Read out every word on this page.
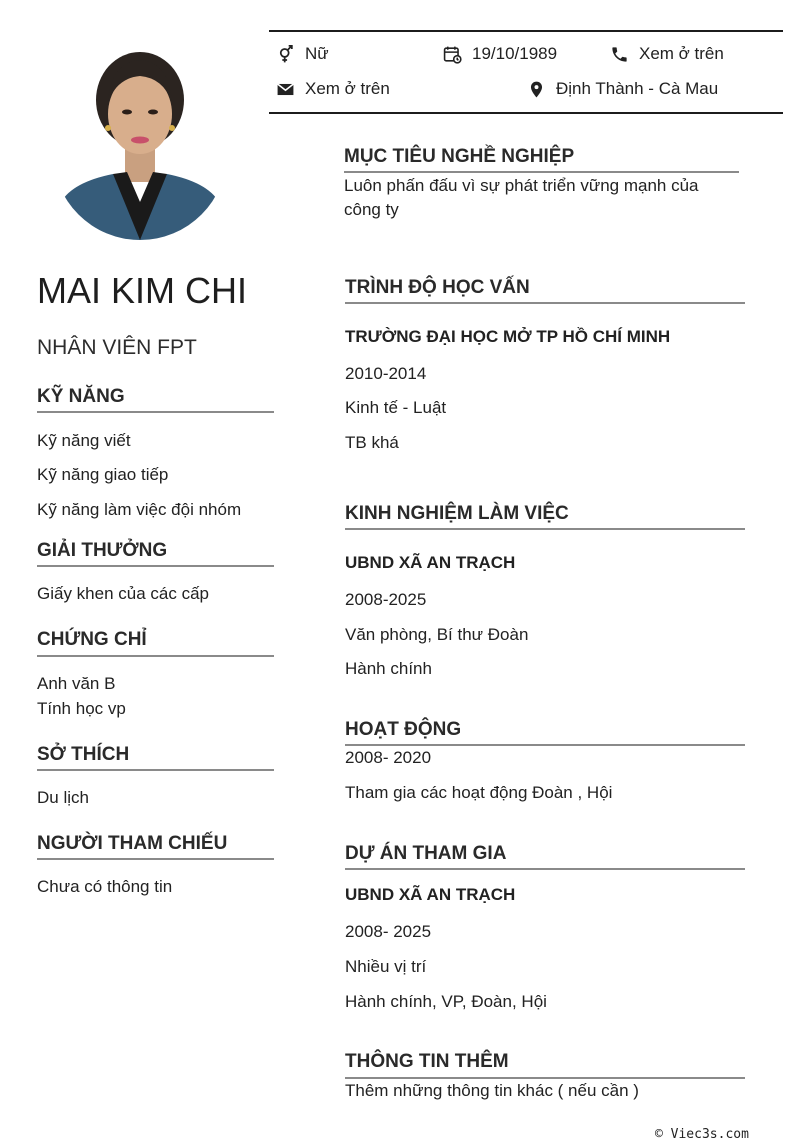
Nữ	19/10/1989	Xem ở trên
Xem ở trên	Định Thành - Cà Mau
MAI KIM CHI
NHÂN VIÊN FPT
KỸ NĂNG
Kỹ năng viết
Kỹ năng giao tiếp
Kỹ năng làm việc đội nhóm
GIẢI THƯỞNG
Giấy khen của các cấp
CHỨNG CHỈ
Anh văn B
Tính học vp
SỞ THÍCH
Du lịch
NGƯỜI THAM CHIẾU
Chưa có thông tin
MỤC TIÊU NGHỀ NGHIỆP
Luôn phấn đấu vì sự phát triển vững mạnh của
công ty
TRÌNH ĐỘ HỌC VẤN
TRƯỜNG ĐẠI HỌC MỞ TP HỒ CHÍ MINH
2010-2014
Kinh tế - Luật
TB khá
KINH NGHIỆM LÀM VIỆC
UBND XÃ AN TRẠCH
2008-2025
Văn phòng, Bí thư Đoàn
Hành chính
HOẠT ĐỘNG
2008- 2020
Tham gia các hoạt động Đoàn , Hội
DỰ ÁN THAM GIA
UBND XÃ AN TRẠCH
2008- 2025
Nhiều vị trí
Hành chính, VP, Đoàn, Hội
THÔNG TIN THÊM
Thêm những thông tin khác ( nếu cần )
© Viec3s.com
